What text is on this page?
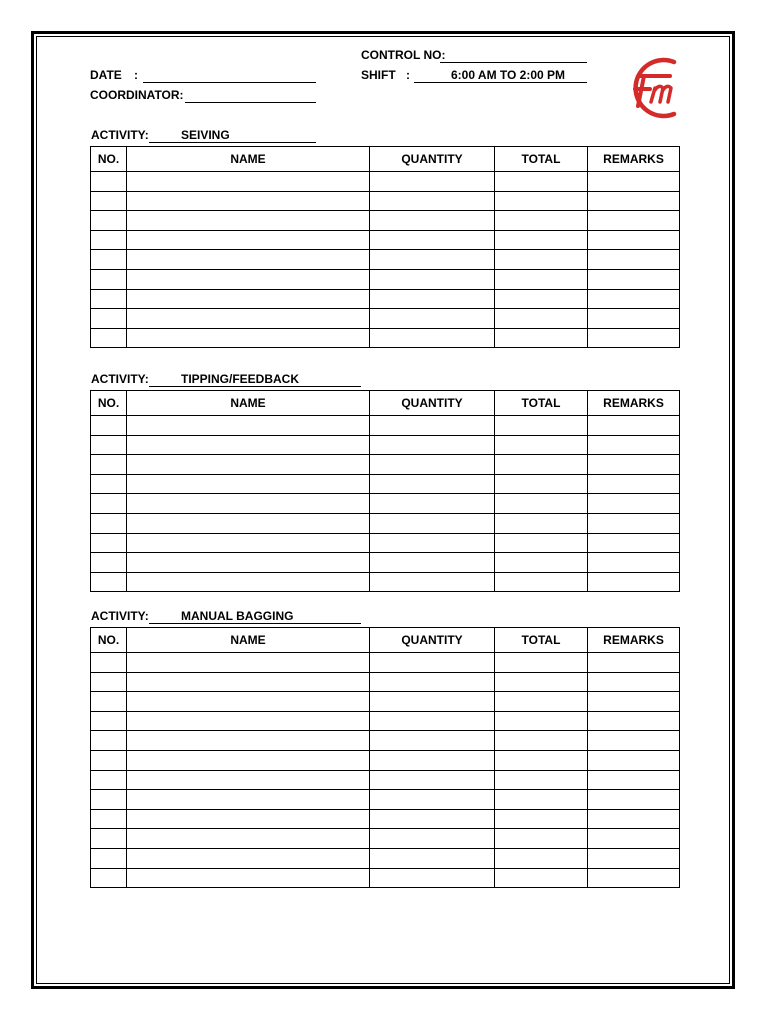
CONTROL NO:
DATE :	SHIFT :	6:00 AM TO 2:00 PM
COORDINATOR:
ACTIVITY:	SEIVING
NO.	NAME	QUANTITY	TOTAL	REMARKS

ACTIVITY:	TIPPING/FEEDBACK
NO.	NAME	QUANTITY	TOTAL	REMARKS

ACTIVITY:	MANUAL BAGGING
NO.	NAME	QUANTITY	TOTAL	REMARKS
